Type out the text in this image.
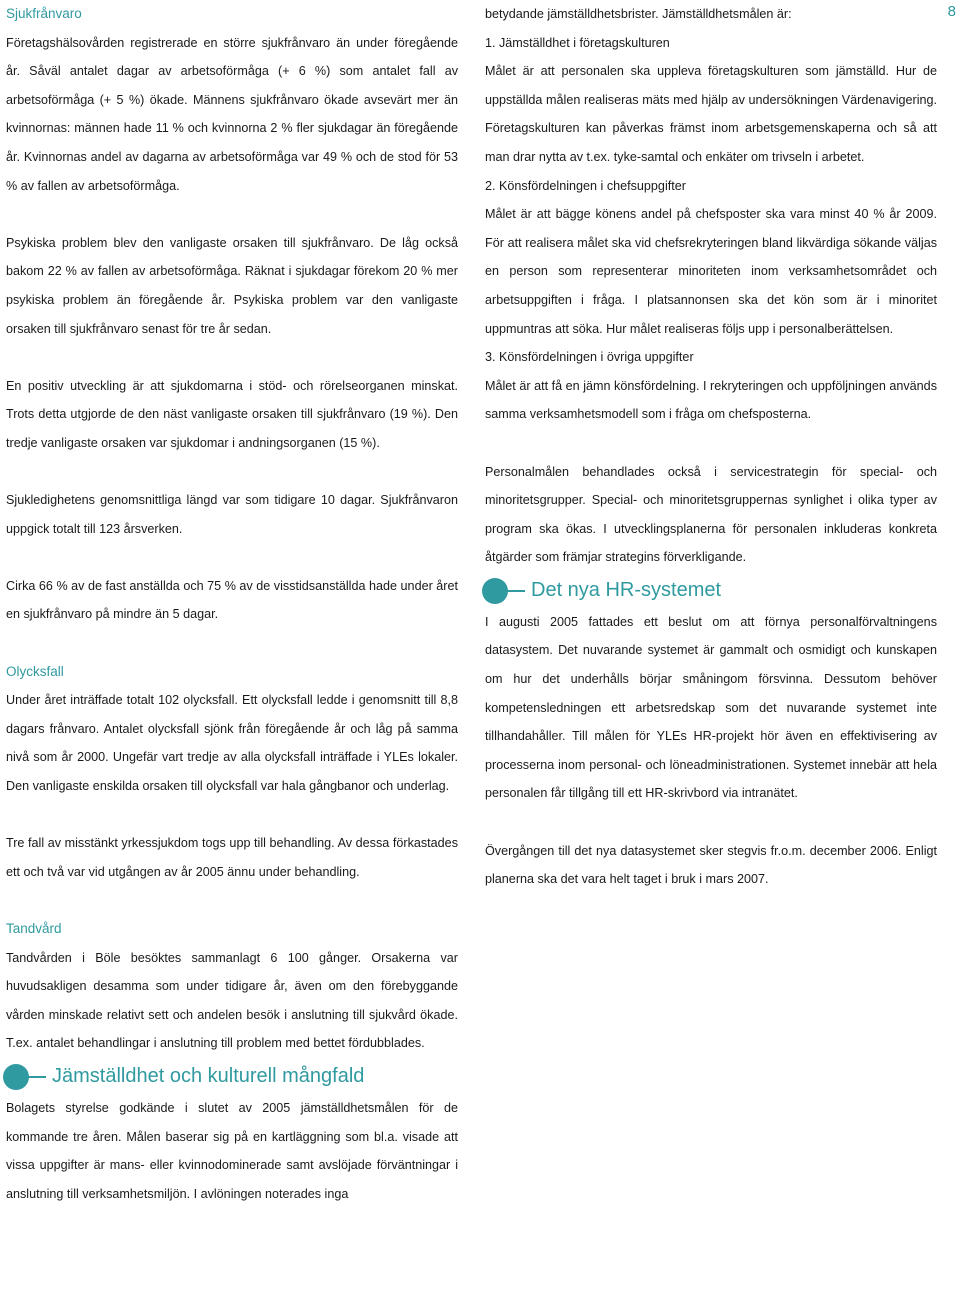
8

Sjukfrånvaro

Företagshälsovården registrerade en större sjukfrånvaro än under föregående år. Såväl antalet dagar av arbetsoförmåga (+ 6 %) som antalet fall av arbetsoförmåga (+ 5 %) ökade. Männens sjukfrånvaro ökade avsevärt mer än kvinnornas: männen hade 11 % och kvinnorna 2 % fler sjukdagar än föregående år. Kvinnornas andel av dagarna av arbetsoförmåga var 49 % och de stod för 53 % av fallen av arbetsoförmåga.

Psykiska problem blev den vanligaste orsaken till sjukfrånvaro. De låg också bakom 22 % av fallen av arbetsoförmåga. Räknat i sjukdagar förekom 20 % mer psykiska problem än föregående år. Psykiska problem var den vanligaste orsaken till sjukfrånvaro senast för tre år sedan.

En positiv utveckling är att sjukdomarna i stöd- och rörelseorganen minskat. Trots detta utgjorde de den näst vanligaste orsaken till sjukfrånvaro (19 %). Den tredje vanligaste orsaken var sjukdomar i andningsorganen (15 %).

Sjukledighetens genomsnittliga längd var som tidigare 10 dagar. Sjukfrånvaron uppgick totalt till 123 årsverken.

Cirka 66 % av de fast anställda och 75 % av de visstidsanställda hade under året en sjukfrånvaro på mindre än 5 dagar.

Olycksfall

Under året inträffade totalt 102 olycksfall. Ett olycksfall ledde i genomsnitt till 8,8 dagars frånvaro. Antalet olycksfall sjönk från föregående år och låg på samma nivå som år 2000. Ungefär vart tredje av alla olycksfall inträffade i YLEs lokaler. Den vanligaste enskilda orsaken till olycksfall var hala gångbanor och underlag.

Tre fall av misstänkt yrkessjukdom togs upp till behandling. Av dessa förkastades ett och två var vid utgången av år 2005 ännu under behandling.

Tandvård

Tandvården i Böle besöktes sammanlagt 6 100 gånger. Orsakerna var huvudsakligen desamma som under tidigare år, även om den förebyggande vården minskade relativt sett och andelen besök i anslutning till sjukvård ökade. T.ex. antalet behandlingar i anslutning till problem med bettet fördubblades.

Jämställdhet och kulturell mångfald

Bolagets styrelse godkände i slutet av 2005 jämställdhetsmålen för de kommande tre åren. Målen baserar sig på en kartläggning som bl.a. visade att vissa uppgifter är mans- eller kvinnodominerade samt avslöjade förväntningar i anslutning till verksamhetsmiljön. I avlöningen noterades inga

betydande jämställdhetsbrister. Jämställdhetsmålen är:

1. Jämställdhet i företagskulturen

Målet är att personalen ska uppleva företagskulturen som jämställd. Hur de uppställda målen realiseras mäts med hjälp av undersökningen Värdenavigering. Företagskulturen kan påverkas främst inom arbetsgemenskaperna och så att man drar nytta av t.ex. tyke-samtal och enkäter om trivseln i arbetet.

2. Könsfördelningen i chefsuppgifter

Målet är att bägge könens andel på chefsposter ska vara minst 40 % år 2009. För att realisera målet ska vid chefsrekryteringen bland likvärdiga sökande väljas en person som representerar minoriteten inom verksamhetsområdet och arbetsuppgiften i fråga. I platsannonsen ska det kön som är i minoritet uppmuntras att söka. Hur målet realiseras följs upp i personalberättelsen.

3. Könsfördelningen i övriga uppgifter

Målet är att få en jämn könsfördelning. I rekryteringen och uppföljningen används samma verksamhetsmodell som i fråga om chefsposterna.

Personalmålen behandlades också i servicestrategin för special- och minoritetsgrupper. Special- och minoritetsgruppernas synlighet i olika typer av program ska ökas. I utvecklingsplanerna för personalen inkluderas konkreta åtgärder som främjar strategins förverkligande.

Det nya HR-systemet

I augusti 2005 fattades ett beslut om att förnya personalförvaltningens datasystem. Det nuvarande systemet är gammalt och osmidigt och kunskapen om hur det underhålls börjar småningom försvinna. Dessutom behöver kompetensledningen ett arbetsredskap som det nuvarande systemet inte tillhandahåller. Till målen för YLEs HR-projekt hör även en effektivisering av processerna inom personal- och löneadministrationen. Systemet innebär att hela personalen får tillgång till ett HR-skrivbord via intranätet.

Övergången till det nya datasystemet sker stegvis fr.o.m. december 2006. Enligt planerna ska det vara helt taget i bruk i mars 2007.
